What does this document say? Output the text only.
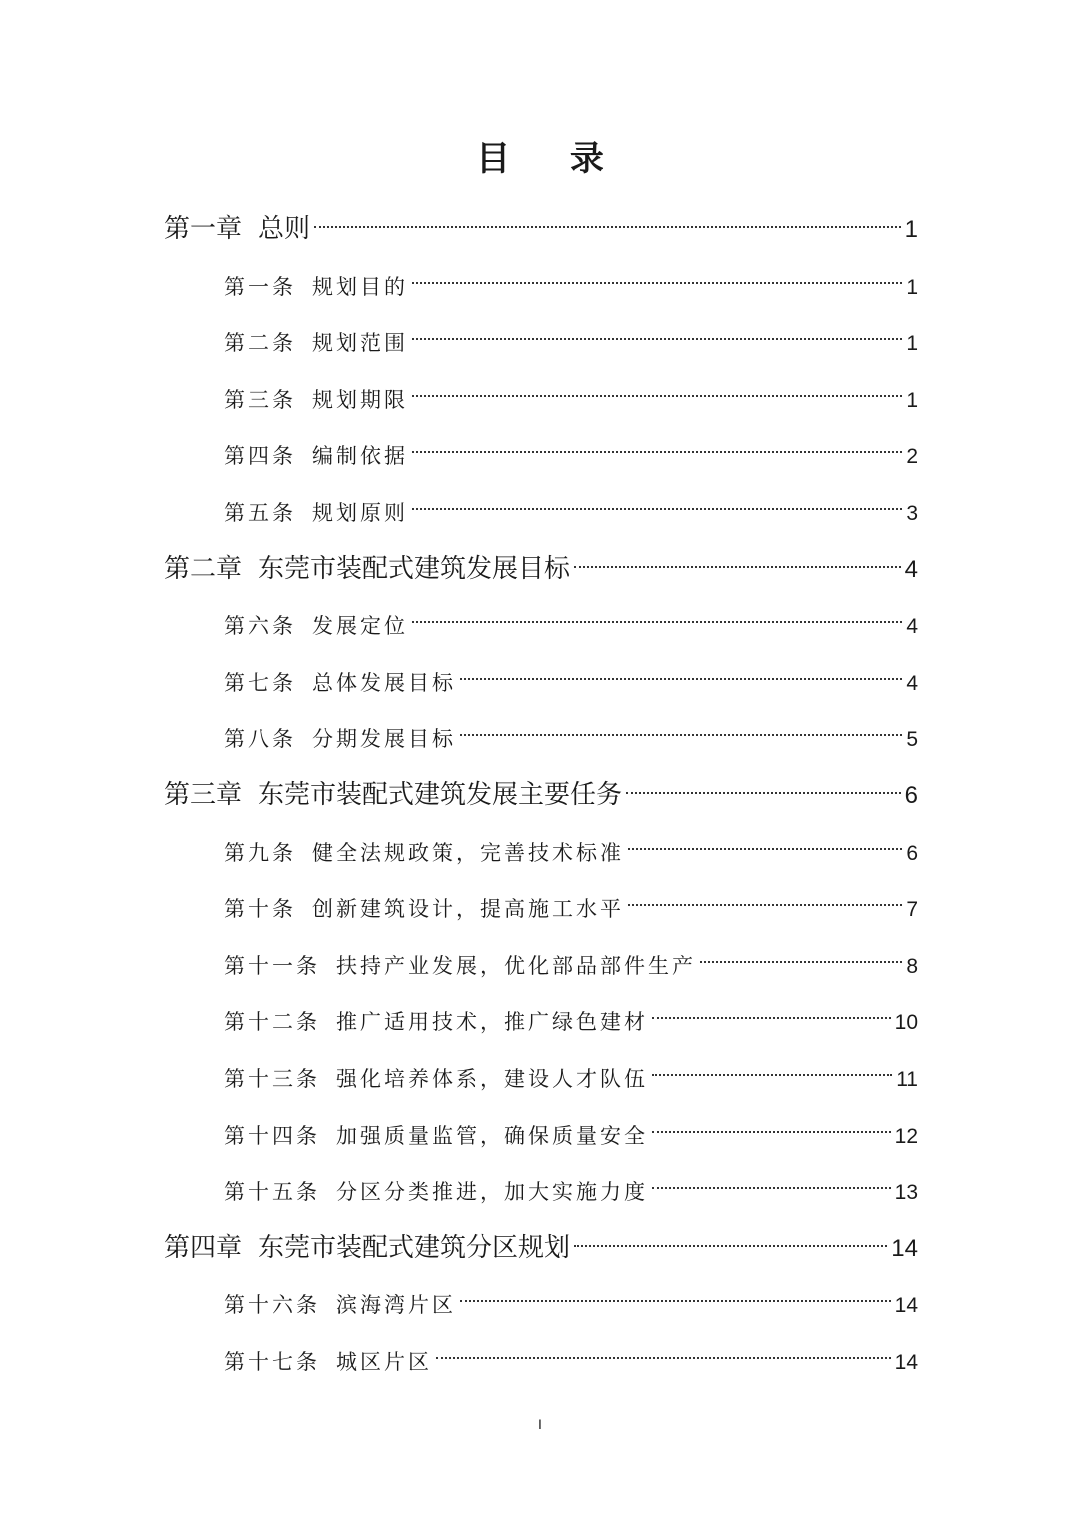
目 录
第一章 总则	1
第一条 规划目的	1
第二条 规划范围	1
第三条 规划期限	1
第四条 编制依据	2
第五条 规划原则	3
第二章 东莞市装配式建筑发展目标	4
第六条 发展定位	4
第七条 总体发展目标	4
第八条 分期发展目标	5
第三章 东莞市装配式建筑发展主要任务	6
第九条 健全法规政策，完善技术标准	6
第十条 创新建筑设计，提高施工水平	7
第十一条 扶持产业发展，优化部品部件生产	8
第十二条 推广适用技术，推广绿色建材	10
第十三条 强化培养体系，建设人才队伍	11
第十四条 加强质量监管，确保质量安全	12
第十五条 分区分类推进，加大实施力度	13
第四章 东莞市装配式建筑分区规划	14
第十六条 滨海湾片区	14
第十七条 城区片区	14
I
